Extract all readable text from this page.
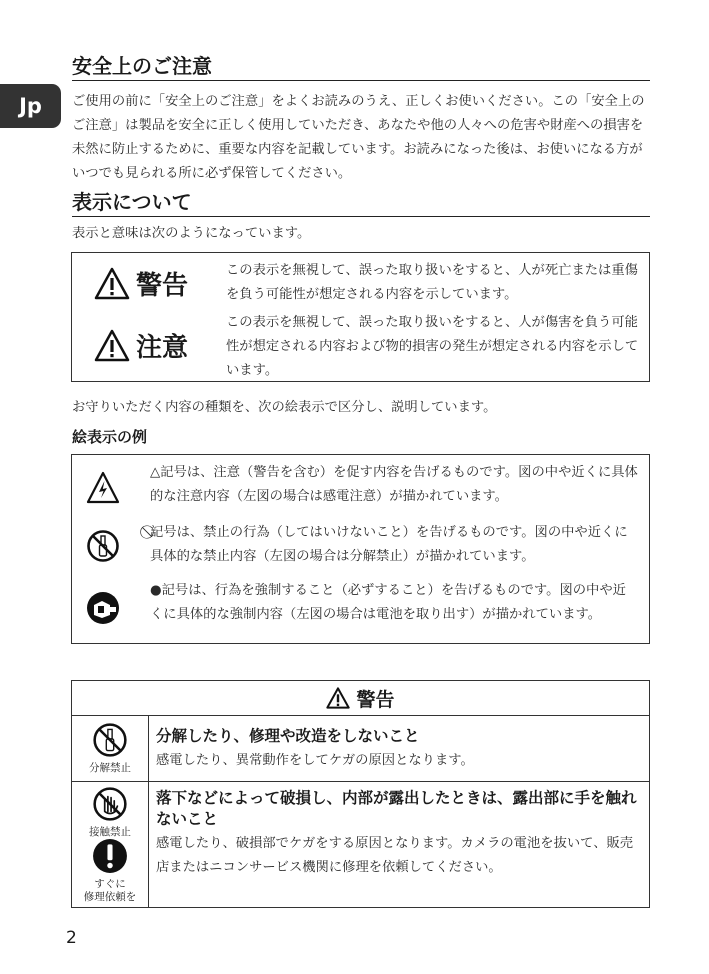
Jp
安全上のご注意

ご使用の前に「安全上のご注意」をよくお読みのうえ、正しくお使いください。この「安全上のご注意」は製品を安全に正しく使用していただき、あなたや他の人々への危害や財産への損害を未然に防止するために、重要な内容を記載しています。お読みになった後は、お使いになる方がいつでも見られる所に必ず保管してください。

表示について

表示と意味は次のようになっています。

警告
この表示を無視して、誤った取り扱いをすると、人が死亡または重傷を負う可能性が想定される内容を示しています。
注意
この表示を無視して、誤った取り扱いをすると、人が傷害を負う可能性が想定される内容および物的損害の発生が想定される内容を示しています。

お守りいただく内容の種類を、次の絵表示で区分し、説明しています。

絵表示の例
△記号は、注意（警告を含む）を促す内容を告げるものです。図の中や近くに具体的な注意内容（左図の場合は感電注意）が描かれています。
⃠記号は、禁止の行為（してはいけないこと）を告げるものです。図の中や近くに具体的な禁止内容（左図の場合は分解禁止）が描かれています。
●記号は、行為を強制すること（必ずすること）を告げるものです。図の中や近くに具体的な強制内容（左図の場合は電池を取り出す）が描かれています。
警告
分解禁止
分解したり、修理や改造をしないこと
感電したり、異常動作をしてケガの原因となります。
接触禁止
すぐに
修理依頼を
落下などによって破損し、内部が露出したときは、露出部に手を触れないこと
感電したり、破損部でケガをする原因となります。カメラの電池を抜いて、販売店またはニコンサービス機関に修理を依頼してください。
2
